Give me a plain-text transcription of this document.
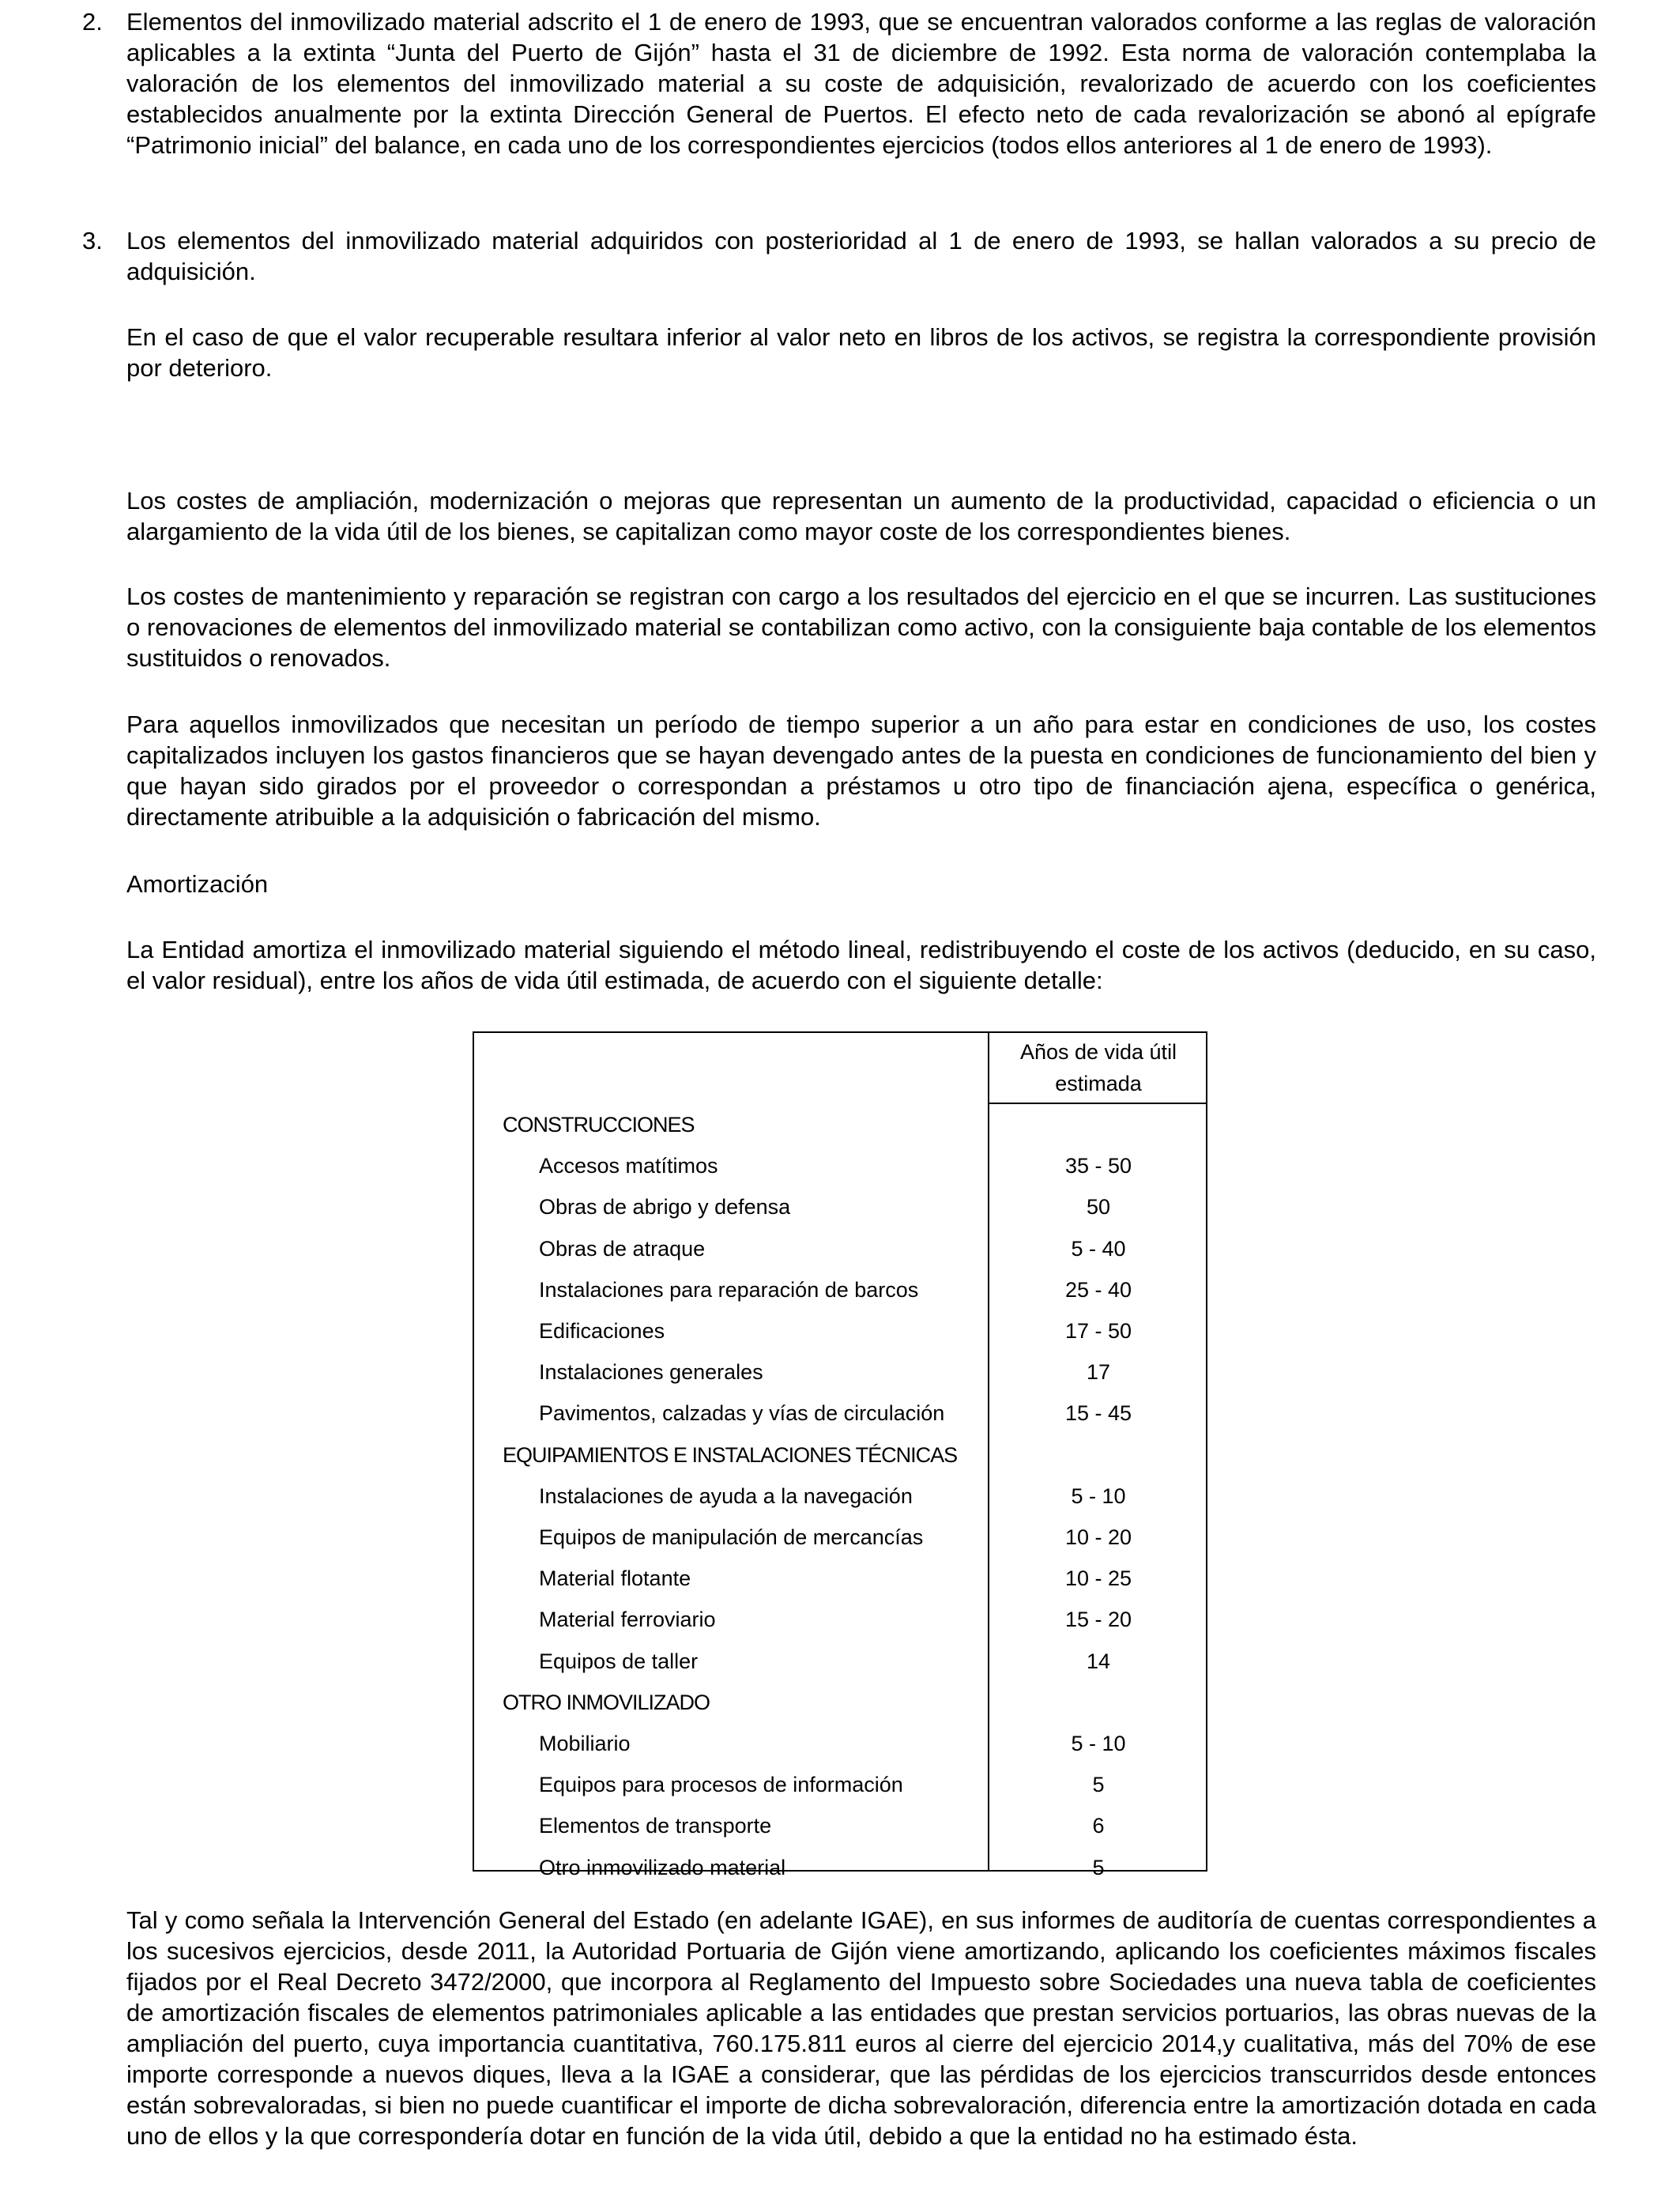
2. Elementos del inmovilizado material adscrito el 1 de enero de 1993, que se encuentran valorados conforme a las reglas de valoración aplicables a la extinta “Junta del Puerto de Gijón” hasta el 31 de diciembre de 1992. Esta norma de valoración contemplaba la valoración de los elementos del inmovilizado material a su coste de adquisición, revalorizado de acuerdo con los coeficientes establecidos anualmente por la extinta Dirección General de Puertos. El efecto neto de cada revalorización se abonó al epígrafe “Patrimonio inicial” del balance, en cada uno de los correspondientes ejercicios (todos ellos anteriores al 1 de enero de 1993).

3. Los elementos del inmovilizado material adquiridos con posterioridad al 1 de enero de 1993, se hallan valorados a su precio de adquisición.

En el caso de que el valor recuperable resultara inferior al valor neto en libros de los activos, se registra la correspondiente provisión por deterioro.

Los costes de ampliación, modernización o mejoras que representan un aumento de la productividad, capacidad o eficiencia o un alargamiento de la vida útil de los bienes, se capitalizan como mayor coste de los correspondientes bienes.

Los costes de mantenimiento y reparación se registran con cargo a los resultados del ejercicio en el que se incurren. Las sustituciones o renovaciones de elementos del inmovilizado material se contabilizan como activo, con la consiguiente baja contable de los elementos sustituidos o renovados.

Para aquellos inmovilizados que necesitan un período de tiempo superior a un año para estar en condiciones de uso, los costes capitalizados incluyen los gastos financieros que se hayan devengado antes de la puesta en condiciones de funcionamiento del bien y que hayan sido girados por el proveedor o correspondan a préstamos u otro tipo de financiación ajena, específica o genérica, directamente atribuible a la adquisición o fabricación del mismo.

Amortización

La Entidad amortiza el inmovilizado material siguiendo el método lineal, redistribuyendo el coste de los activos (deducido, en su caso, el valor residual), entre los años de vida útil estimada, de acuerdo con el siguiente detalle:

Años de vida útil
estimada
CONSTRUCCIONES
Accesos matítimos	35 - 50
Obras de abrigo y defensa	50
Obras de atraque	5 - 40
Instalaciones para reparación de barcos	25 - 40
Edificaciones	17 - 50
Instalaciones generales	17
Pavimentos, calzadas y vías de circulación	15 - 45
EQUIPAMIENTOS E INSTALACIONES TÉCNICAS
Instalaciones de ayuda a la navegación	5 - 10
Equipos de manipulación de mercancías	10 - 20
Material flotante	10 - 25
Material ferroviario	15 - 20
Equipos de taller	14
OTRO INMOVILIZADO
Mobiliario	5 - 10
Equipos para procesos de información	5
Elementos de transporte	6
Otro inmovilizado material	5

Tal y como señala la Intervención General del Estado (en adelante IGAE), en sus informes de auditoría de cuentas correspondientes a los sucesivos ejercicios, desde 2011, la Autoridad Portuaria de Gijón viene amortizando, aplicando los coeficientes máximos fiscales fijados por el Real Decreto 3472/2000, que incorpora al Reglamento del Impuesto sobre Sociedades una nueva tabla de coeficientes de amortización fiscales de elementos patrimoniales aplicable a las entidades que prestan servicios portuarios, las obras nuevas de la ampliación del puerto, cuya importancia cuantitativa, 760.175.811 euros al cierre del ejercicio 2014,y cualitativa, más del 70% de ese importe corresponde a nuevos diques, lleva a la IGAE a considerar, que las pérdidas de los ejercicios transcurridos desde entonces están sobrevaloradas, si bien no puede cuantificar el importe de dicha sobrevaloración, diferencia entre la amortización dotada en cada uno de ellos y la que correspondería dotar en función de la vida útil, debido a que la entidad no ha estimado ésta.
